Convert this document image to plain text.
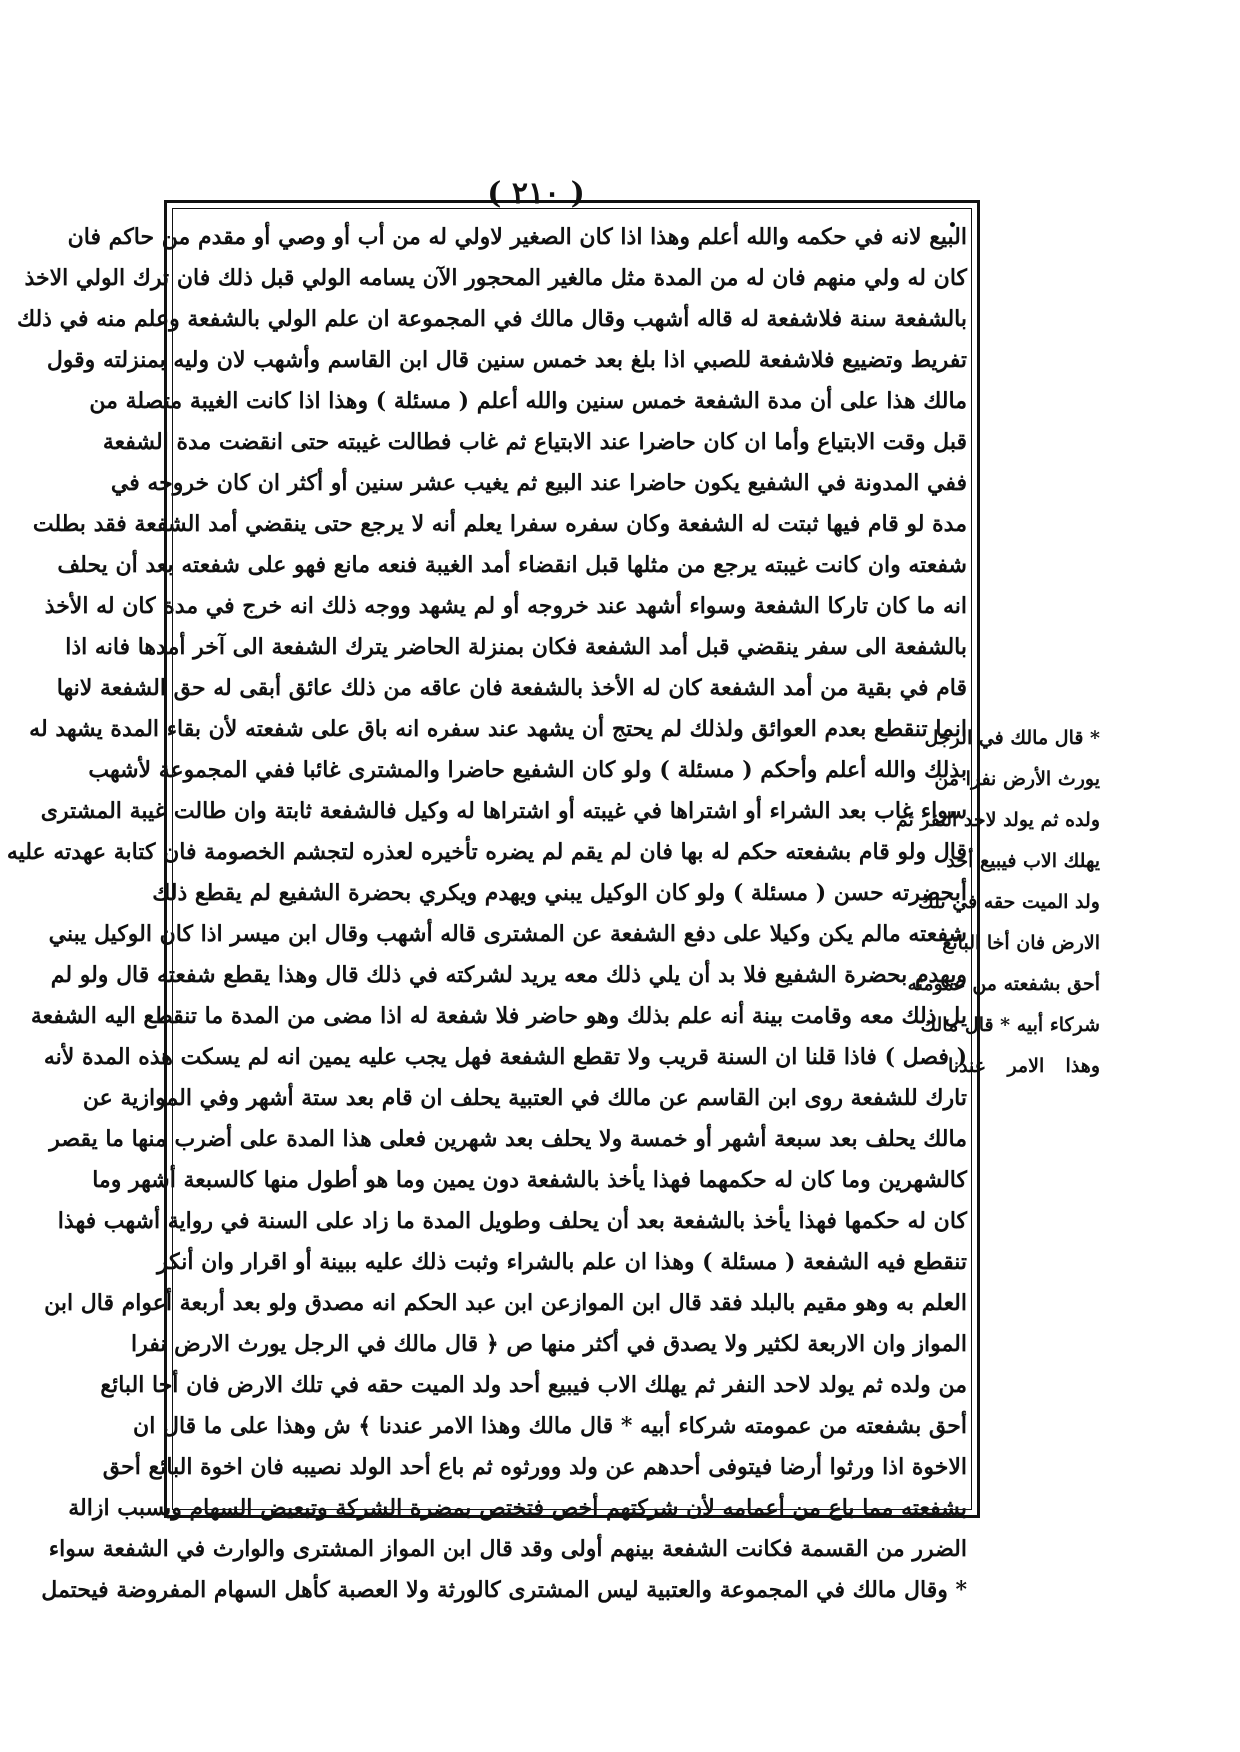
( ٢١٠ )
البيع لانه في حكمه والله أعلم وهذا اذا كان الصغير لاولي له من أب أو وصي أو مقدم من حاكم فان
كان له ولي منهم فان له من المدة مثل مالغير المحجور الآن يسامه الولي قبل ذلك فان ترك الولي الاخذ
بالشفعة سنة فلاشفعة له قاله أشهب وقال مالك في المجموعة ان علم الولي بالشفعة وعلم منه في ذلك
تفريط وتضييع فلاشفعة للصبي اذا بلغ بعد خمس سنين قال ابن القاسم وأشهب لان وليه بمنزلته وقول
مالك هذا على أن مدة الشفعة خمس سنين والله أعلم ( مسئلة ) وهذا اذا كانت الغيبة متصلة من
قبل وقت الابتياع وأما ان كان حاضرا عند الابتياع ثم غاب فطالت غيبته حتى انقضت مدة الشفعة
ففي المدونة في الشفيع يكون حاضرا عند البيع ثم يغيب عشر سنين أو أكثر ان كان خروجه في
مدة لو قام فيها ثبتت له الشفعة وكان سفره سفرا يعلم أنه لا يرجع حتى ينقضي أمد الشفعة فقد بطلت
شفعته وان كانت غيبته يرجع من مثلها قبل انقضاء أمد الغيبة فنعه مانع فهو على شفعته بعد أن يحلف
انه ما كان تاركا الشفعة وسواء أشهد عند خروجه أو لم يشهد ووجه ذلك انه خرج في مدة كان له الأخذ
بالشفعة الى سفر ينقضي قبل أمد الشفعة فكان بمنزلة الحاضر يترك الشفعة الى آخر أمدها فانه اذا
قام في بقية من أمد الشفعة كان له الأخذ بالشفعة فان عاقه من ذلك عائق أبقى له حق الشفعة لانها
انما تنقطع بعدم العوائق ولذلك لم يحتج أن يشهد عند سفره انه باق على شفعته لأن بقاء المدة يشهد له
بذلك والله أعلم وأحكم ( مسئلة ) ولو كان الشفيع حاضرا والمشترى غائبا ففي المجموعة لأشهب
سواء غاب بعد الشراء أو اشتراها في غيبته أو اشتراها له وكيل فالشفعة ثابتة وان طالت غيبة المشترى
قال ولو قام بشفعته حكم له بها فان لم يقم لم يضره تأخيره لعذره لتجشم الخصومة فان كتابة عهدته عليه
أبحضرته حسن ( مسئلة ) ولو كان الوكيل يبني ويهدم ويكري بحضرة الشفيع لم يقطع ذلك
شفعته مالم يكن وكيلا على دفع الشفعة عن المشترى قاله أشهب وقال ابن ميسر اذا كان الوكيل يبني
ويهدم بحضرة الشفيع فلا بد أن يلي ذلك معه يريد لشركته في ذلك قال وهذا يقطع شفعته قال ولو لم
يل ذلك معه وقامت بينة أنه علم بذلك وهو حاضر فلا شفعة له اذا مضى من المدة ما تنقطع اليه الشفعة
( فصل ) فاذا قلنا ان السنة قريب ولا تقطع الشفعة فهل يجب عليه يمين انه لم يسكت هذه المدة لأنه
تارك للشفعة روى ابن القاسم عن مالك في العتبية يحلف ان قام بعد ستة أشهر وفي الموازية عن
مالك يحلف بعد سبعة أشهر أو خمسة ولا يحلف بعد شهرين فعلى هذا المدة على أضرب منها ما يقصر
كالشهرين وما كان له حكمهما فهذا يأخذ بالشفعة دون يمين وما هو أطول منها كالسبعة أشهر وما
كان له حكمها فهذا يأخذ بالشفعة بعد أن يحلف وطويل المدة ما زاد على السنة في رواية أشهب فهذا
تنقطع فيه الشفعة ( مسئلة ) وهذا ان علم بالشراء وثبت ذلك عليه ببينة أو اقرار وان أنكر
العلم به وهو مقيم بالبلد فقد قال ابن الموازعن ابن عبد الحكم انه مصدق ولو بعد أربعة أعوام قال ابن
المواز وان الاربعة لكثير ولا يصدق في أكثر منها ص ﴿ قال مالك في الرجل يورث الارض نفرا
من ولده ثم يولد لاحد النفر ثم يهلك الاب فيبيع أحد ولد الميت حقه في تلك الارض فان أخا البائع
أحق بشفعته من عمومته شركاء أبيه * قال مالك وهذا الامر عندنا ﴾ ش وهذا على ما قال ان
الاخوة اذا ورثوا أرضا فيتوفى أحدهم عن ولد وورثوه ثم باع أحد الولد نصيبه فان اخوة البائع أحق
بشفعته مما باع من أعمامه لأن شركتهم أخص فتختص بمضرة الشركة وتبعيض السهام وبسبب ازالة
الضرر من القسمة فكانت الشفعة بينهم أولى وقد قال ابن المواز المشترى والوارث في الشفعة سواء
* وقال مالك في المجموعة والعتبية ليس المشترى كالورثة ولا العصبة كأهل السهام المفروضة فيحتمل
* قال مالك في الرجل
يورث الأرض نفرا من
ولده ثم يولد لاحد النفر ثم
يهلك الاب فيبيع أحد
ولد الميت حقه في تلك
الارض فان أخا البائع
أحق بشفعته من عمومته
شركاء أبيه * قال مالك
وهذا الامر عندنا
